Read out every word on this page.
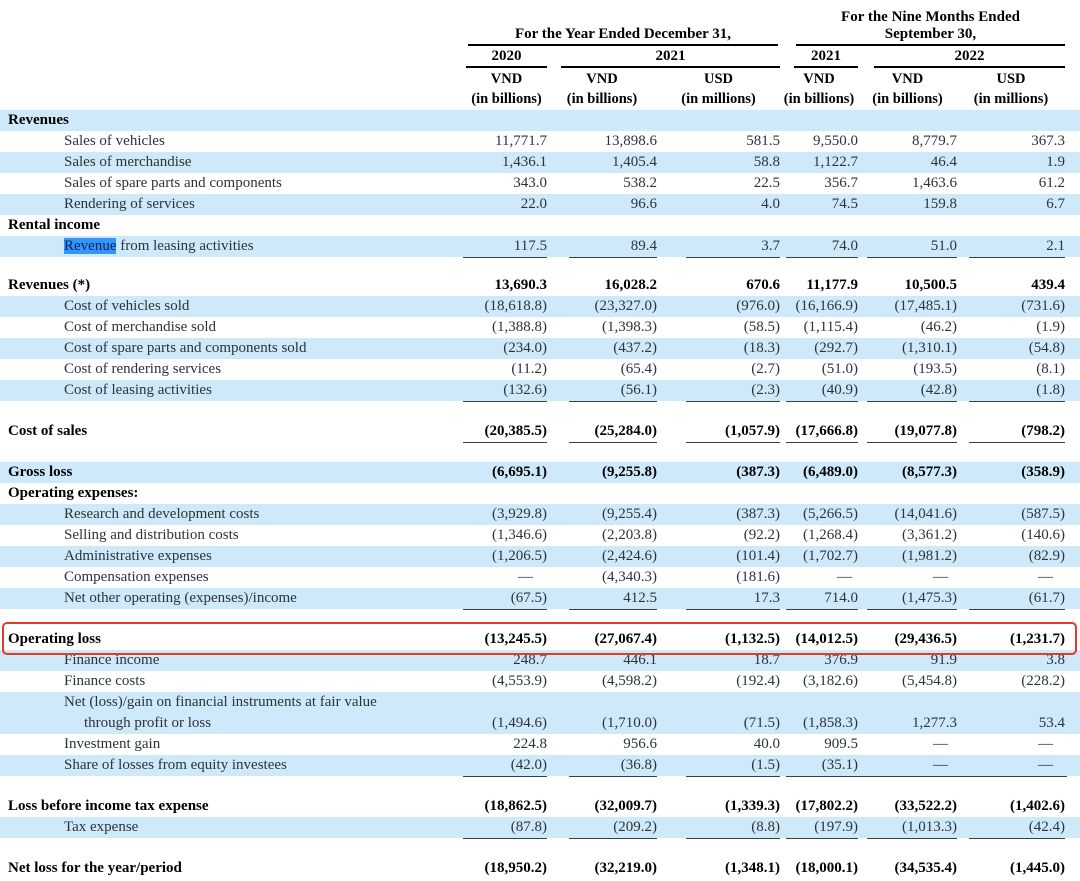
For the Year Ended December 31,
For the Nine Months Ended
September 30,
2020	2021	2021	2022
VND	VND	USD	VND	VND	USD
(in billions)	(in billions)	(in millions)	(in billions)	(in billions)	(in millions)
Revenues
Sales of vehicles	11,771.7	13,898.6	581.5	9,550.0	8,779.7	367.3
Sales of merchandise	1,436.1	1,405.4	58.8	1,122.7	46.4	1.9
Sales of spare parts and components	343.0	538.2	22.5	356.7	1,463.6	61.2
Rendering of services	22.0	96.6	4.0	74.5	159.8	6.7
Rental income
Revenue from leasing activities	117.5	89.4	3.7	74.0	51.0	2.1
Revenues (*)	13,690.3	16,028.2	670.6	11,177.9	10,500.5	439.4
Cost of vehicles sold	(18,618.8)	(23,327.0)	(976.0)	(16,166.9)	(17,485.1)	(731.6)
Cost of merchandise sold	(1,388.8)	(1,398.3)	(58.5)	(1,115.4)	(46.2)	(1.9)
Cost of spare parts and components sold	(234.0)	(437.2)	(18.3)	(292.7)	(1,310.1)	(54.8)
Cost of rendering services	(11.2)	(65.4)	(2.7)	(51.0)	(193.5)	(8.1)
Cost of leasing activities	(132.6)	(56.1)	(2.3)	(40.9)	(42.8)	(1.8)
Cost of sales	(20,385.5)	(25,284.0)	(1,057.9)	(17,666.8)	(19,077.8)	(798.2)
Gross loss	(6,695.1)	(9,255.8)	(387.3)	(6,489.0)	(8,577.3)	(358.9)
Operating expenses:
Research and development costs	(3,929.8)	(9,255.4)	(387.3)	(5,266.5)	(14,041.6)	(587.5)
Selling and distribution costs	(1,346.6)	(2,203.8)	(92.2)	(1,268.4)	(3,361.2)	(140.6)
Administrative expenses	(1,206.5)	(2,424.6)	(101.4)	(1,702.7)	(1,981.2)	(82.9)
Compensation expenses	—	(4,340.3)	(181.6)	—	—	—
Net other operating (expenses)/income	(67.5)	412.5	17.3	714.0	(1,475.3)	(61.7)
Operating loss	(13,245.5)	(27,067.4)	(1,132.5)	(14,012.5)	(29,436.5)	(1,231.7)
Finance income	248.7	446.1	18.7	376.9	91.9	3.8
Finance costs	(4,553.9)	(4,598.2)	(192.4)	(3,182.6)	(5,454.8)	(228.2)
Net (loss)/gain on financial instruments at fair value
through profit or loss	(1,494.6)	(1,710.0)	(71.5)	(1,858.3)	1,277.3	53.4
Investment gain	224.8	956.6	40.0	909.5	—	—
Share of losses from equity investees	(42.0)	(36.8)	(1.5)	(35.1)	—	—
Loss before income tax expense	(18,862.5)	(32,009.7)	(1,339.3)	(17,802.2)	(33,522.2)	(1,402.6)
Tax expense	(87.8)	(209.2)	(8.8)	(197.9)	(1,013.3)	(42.4)
Net loss for the year/period	(18,950.2)	(32,219.0)	(1,348.1)	(18,000.1)	(34,535.4)	(1,445.0)
